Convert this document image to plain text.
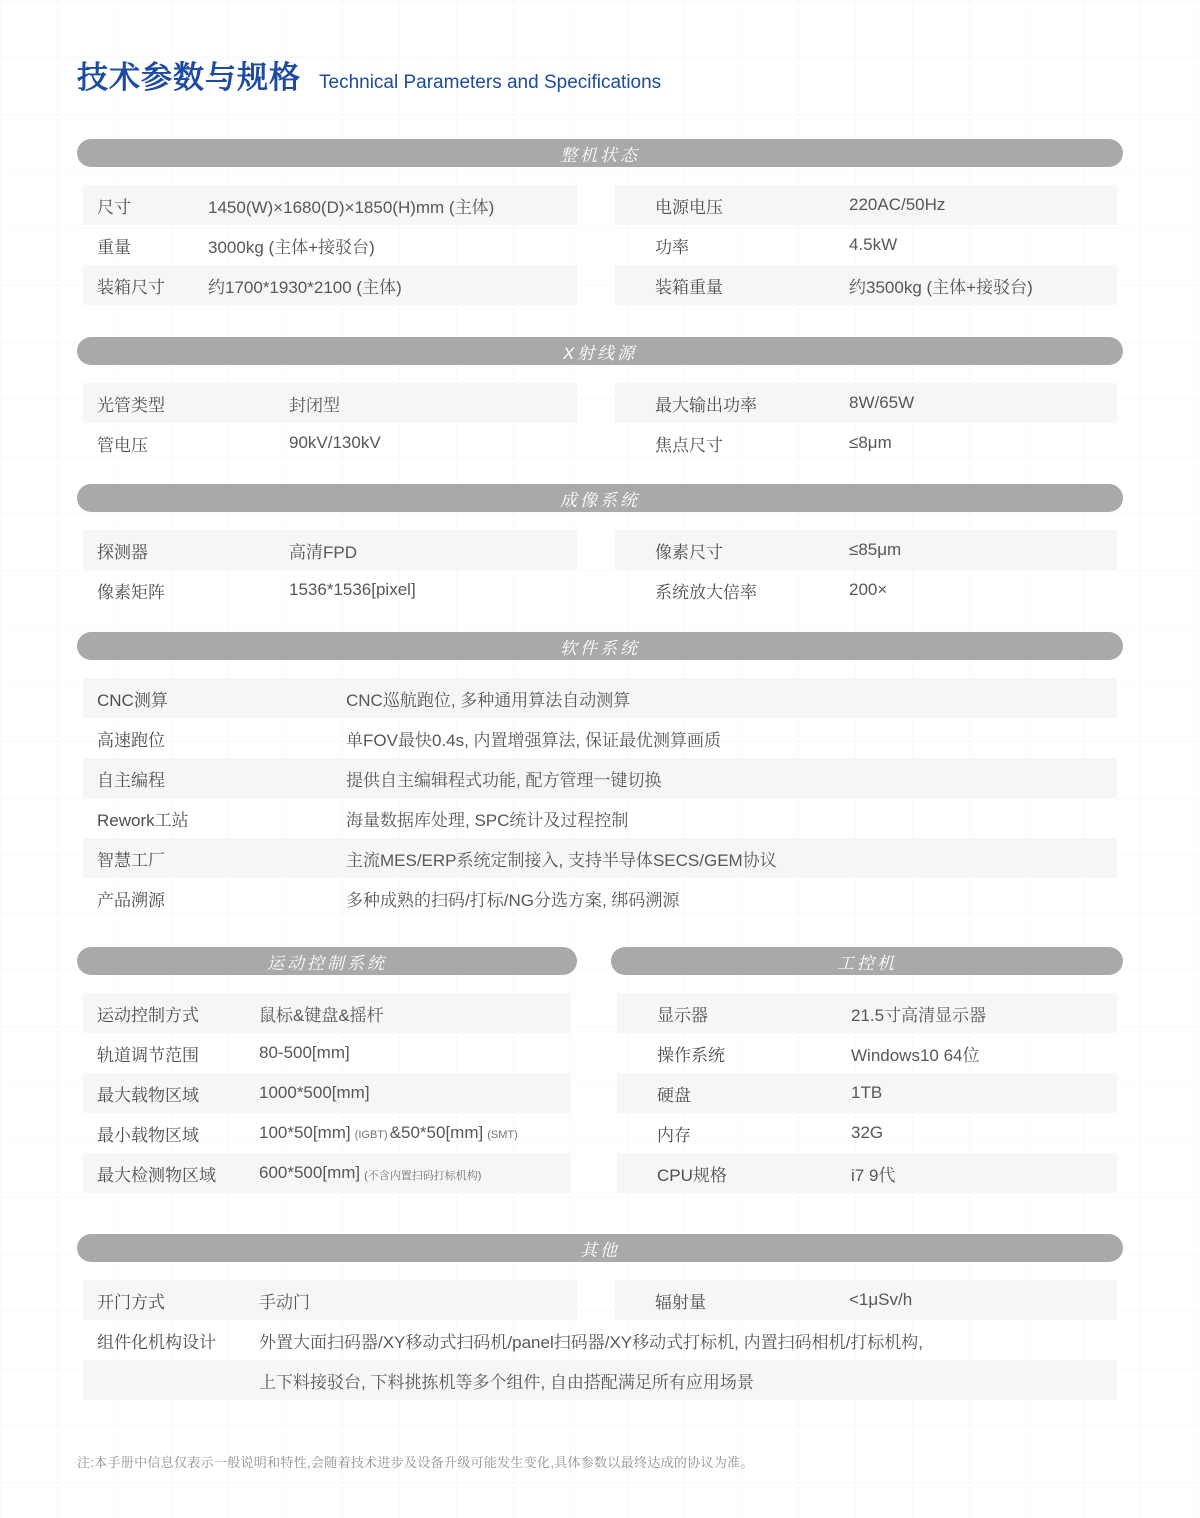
技术参数与规格 Technical Parameters and Specifications
整机状态
尺寸	1450(W)×1680(D)×1850(H)mm (主体)	电源电压	220AC/50Hz
重量	3000kg (主体+接驳台)	功率	4.5kW
装箱尺寸	约1700*1930*2100 (主体)	装箱重量	约3500kg (主体+接驳台)
X射线源
光管类型	封闭型	最大输出功率	8W/65W
管电压	90kV/130kV	焦点尺寸	≤8μm
成像系统
探测器	高清FPD	像素尺寸	≤85μm
像素矩阵	1536*1536[pixel]	系统放大倍率	200×
软件系统
CNC测算	CNC巡航跑位, 多种通用算法自动测算
高速跑位	单FOV最快0.4s, 内置增强算法, 保证最优测算画质
自主编程	提供自主编辑程式功能, 配方管理一键切换
Rework工站	海量数据库处理, SPC统计及过程控制
智慧工厂	主流MES/ERP系统定制接入, 支持半导体SECS/GEM协议
产品溯源	多种成熟的扫码/打标/NG分选方案, 绑码溯源
运动控制系统
运动控制方式	鼠标&键盘&摇杆
轨道调节范围	80-500[mm]
最大载物区域	1000*500[mm]
最小载物区域	100*50[mm] (IGBT) &50*50[mm] (SMT)
最大检测物区域	600*500[mm] (不含内置扫码打标机构)
工控机
显示器	21.5寸高清显示器
操作系统	Windows10 64位
硬盘	1TB
内存	32G
CPU规格	i7 9代
其他
开门方式	手动门	辐射量	<1μSv/h
组件化机构设计	外置大面扫码器/XY移动式扫码机/panel扫码器/XY移动式打标机, 内置扫码相机/打标机构,
上下料接驳台, 下料挑拣机等多个组件, 自由搭配满足所有应用场景
注:本手册中信息仅表示一般说明和特性,会随着技术进步及设备升级可能发生变化,具体参数以最终达成的协议为准。
